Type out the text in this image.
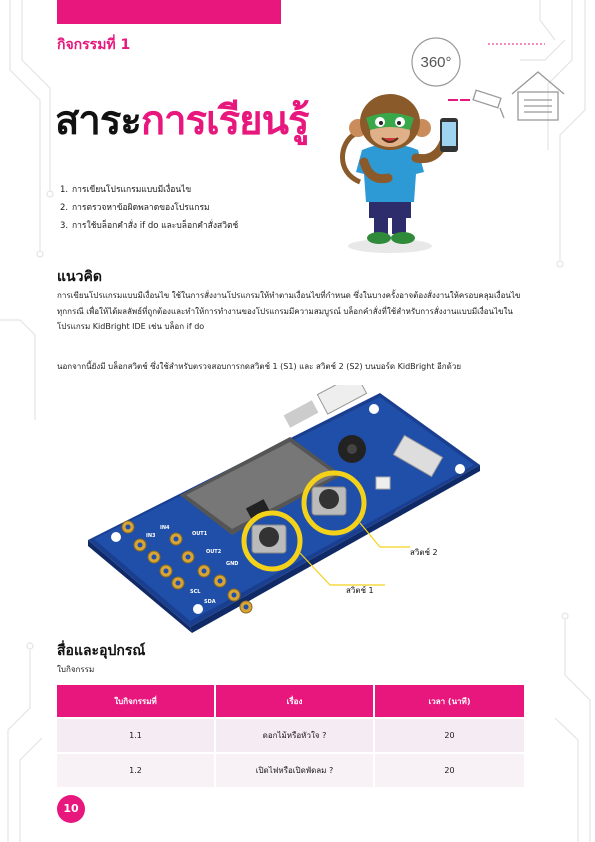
กิจกรรมที่ 1
สาระการเรียนรู้
360°
1. การเขียนโปรแกรมแบบมีเงื่อนไข
2. การตรวจหาข้อผิดพลาดของโปรแกรม
3. การใช้บล็อกคำสั่ง if do และบล็อกคำสั่งสวิตช์
แนวคิด
การเขียนโปรแกรมแบบมีเงื่อนไข ใช้ในการสั่งงานโปรแกรมให้ทำตามเงื่อนไขที่กำหนด ซึ่งในบางครั้งอาจต้องสั่งงานให้ครอบคลุมเงื่อนไขทุกกรณี เพื่อให้ได้ผลลัพธ์ที่ถูกต้องและทำให้การทำงานของโปรแกรมมีความสมบูรณ์ บล็อกคำสั่งที่ใช้สำหรับการสั่งงานแบบมีเงื่อนไขในโปรแกรม KidBright IDE เช่น บล็อก if do
นอกจากนี้ยังมี บล็อกสวิตช์ ซึ่งใช้สำหรับตรวจสอบการกดสวิตช์ 1 (S1) และ สวิตช์ 2 (S2) บนบอร์ด KidBright อีกด้วย
5V
IN1
IN2
IN3
IN4
OUT1
OUT2
GND
SCL
SDA
สวิตช์ 2
สวิตช์ 1
สื่อและอุปกรณ์
ใบกิจกรรม
ใบกิจกรรมที่	เรื่อง	เวลา (นาที)
1.1	ดอกไม้หรือหัวใจ ?	20
1.2	เปิดไฟหรือเปิดพัดลม ?	20
10
